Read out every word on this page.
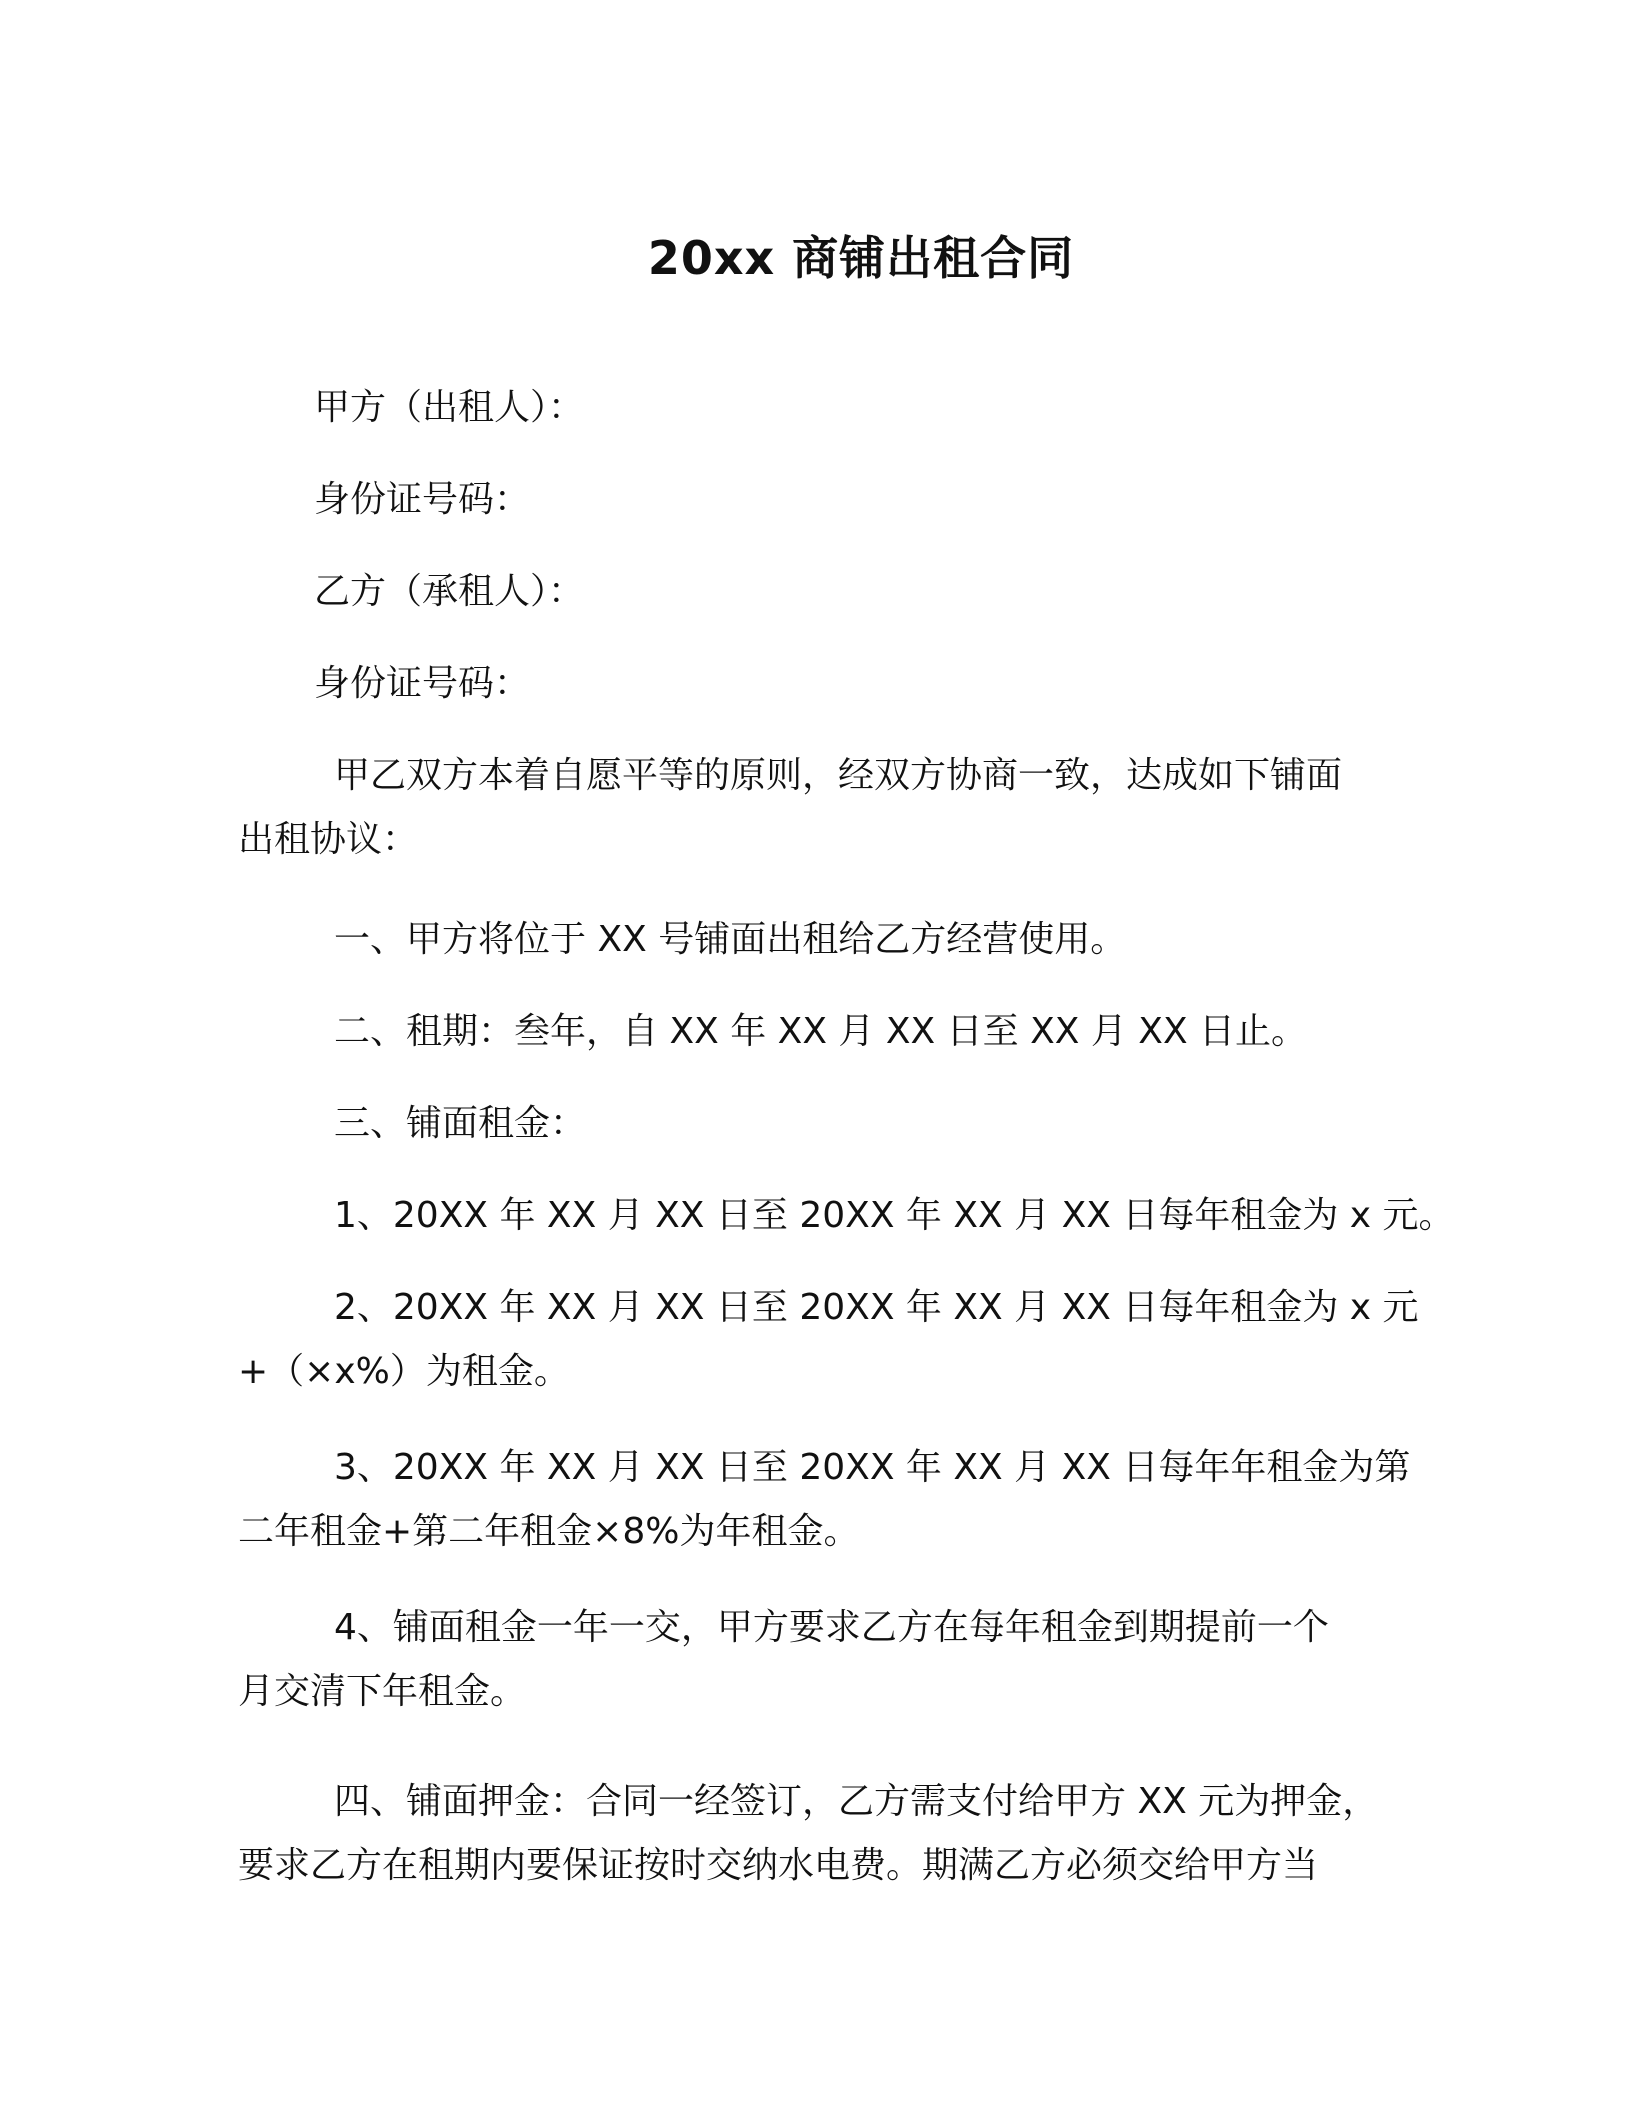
20xx 商铺出租合同
甲方（出租人）：
身份证号码：
乙方（承租人）：
身份证号码：
甲乙双方本着自愿平等的原则，经双方协商一致，达成如下铺面
出租协议：
一、甲方将位于 XX 号铺面出租给乙方经营使用。
二、租期：叁年，自 XX 年 XX 月 XX 日至 XX 月 XX 日止。
三、铺面租金：
1、20XX 年 XX 月 XX 日至 20XX 年 XX 月 XX 日每年租金为 x 元。
2、20XX 年 XX 月 XX 日至 20XX 年 XX 月 XX 日每年租金为 x 元
+（×x%）为租金。
3、20XX 年 XX 月 XX 日至 20XX 年 XX 月 XX 日每年年租金为第
二年租金+第二年租金×8%为年租金。
4、铺面租金一年一交，甲方要求乙方在每年租金到期提前一个
月交清下年租金。
四、铺面押金：合同一经签订，乙方需支付给甲方 XX 元为押金，
要求乙方在租期内要保证按时交纳水电费。期满乙方必须交给甲方当
